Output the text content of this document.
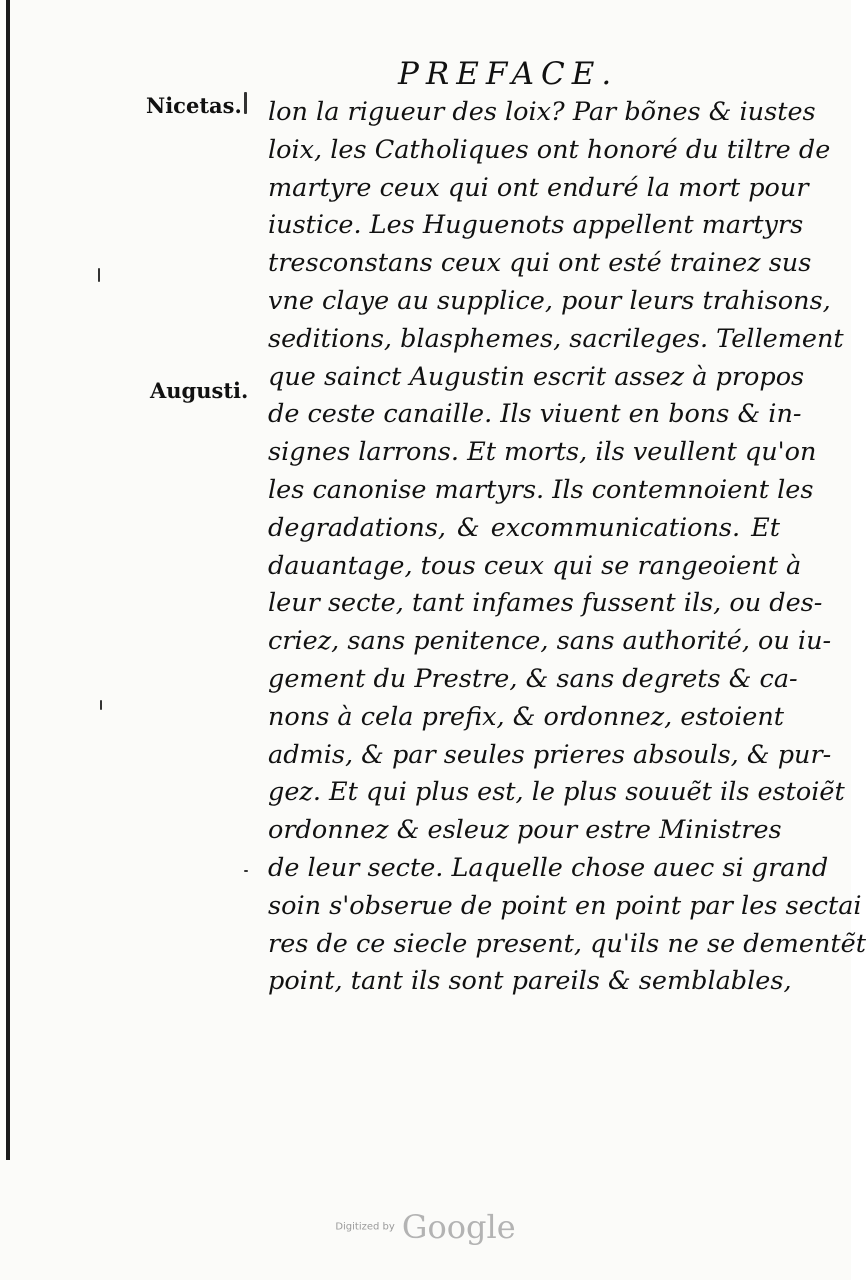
PREFACE.
Nicetas.
Augusti.
lon la rigueur des loix? Par bõnes & iustes
loix, les Catholiques ont honoré du tiltre de
martyre ceux qui ont enduré la mort pour
iustice. Les Huguenots appellent martyrs
tresconstans ceux qui ont esté trainez sus
vne claye au supplice, pour leurs trahisons,
seditions, blasphemes, sacrileges. Tellement
que sainct Augustin escrit assez à propos
de ceste canaille. Ils viuent en bons & in-
signes larrons. Et morts, ils veullent qu'on
les canonise martyrs. Ils contemnoient les
degradations, & excommunications. Et
dauantage, tous ceux qui se rangeoient à
leur secte, tant infames fussent ils, ou des-
criez, sans penitence, sans authorité, ou iu-
gement du Prestre, & sans degrets & ca-
nons à cela prefix, & ordonnez, estoient
admis, & par seules prieres absouls, & pur-
gez. Et qui plus est, le plus souuẽt ils estoiẽt
ordonnez & esleuz pour estre Ministres
de leur secte. Laquelle chose auec si grand
soin s'obserue de point en point par les sectai
res de ce siecle present, qu'ils ne se dementẽt
point, tant ils sont pareils & semblables,
Digitized by Google
